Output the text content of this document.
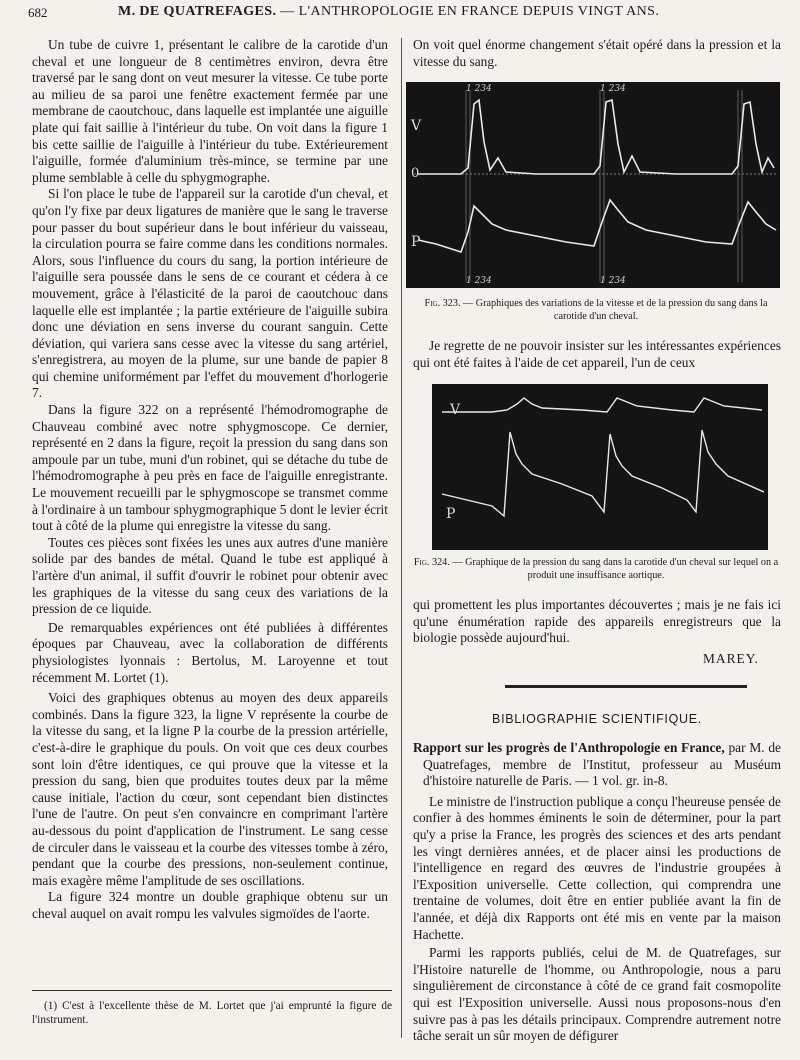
682	M. DE QUATREFAGES. — L'ANTHROPOLOGIE EN FRANCE DEPUIS VINGT ANS.

Un tube de cuivre 1, présentant le calibre de la carotide d'un cheval et une longueur de 8 centimètres environ, devra être traversé par le sang dont on veut mesurer la vitesse. Ce tube porte au milieu de sa paroi une fenêtre exactement fermée par une membrane de caoutchouc, dans laquelle est implantée une aiguille plate qui fait saillie à l'intérieur du tube. On voit dans la figure 1 bis cette saillie de l'aiguille à l'intérieur du tube. Extérieurement l'aiguille, formée d'aluminium très-mince, se termine par une plume semblable à celle du sphygmographe.

Si l'on place le tube de l'appareil sur la carotide d'un cheval, et qu'on l'y fixe par deux ligatures de manière que le sang le traverse pour passer du bout supérieur dans le bout inférieur du vaisseau, la circulation pourra se faire comme dans les conditions normales. Alors, sous l'influence du cours du sang, la portion intérieure de l'aiguille sera poussée dans le sens de ce courant et cédera à ce mouvement, grâce à l'élasticité de la paroi de caoutchouc dans laquelle elle est implantée ; la partie extérieure de l'aiguille subira donc une déviation en sens inverse du courant sanguin. Cette déviation, qui variera sans cesse avec la vitesse du sang artériel, s'enregistrera, au moyen de la plume, sur une bande de papier 8 qui chemine uniformément par l'effet du mouvement d'horlogerie 7.

Dans la figure 322 on a représenté l'hémodromographe de Chauveau combiné avec notre sphygmoscope. Ce dernier, représenté en 2 dans la figure, reçoit la pression du sang dans son ampoule par un tube, muni d'un robinet, qui se détache du tube de l'hémodromographe à peu près en face de l'aiguille enregistrante. Le mouvement recueilli par le sphygmoscope se transmet comme à l'ordinaire à un tambour sphygmographique 5 dont le levier écrit tout à côté de la plume qui enregistre la vitesse du sang.

Toutes ces pièces sont fixées les unes aux autres d'une manière solide par des bandes de métal. Quand le tube est appliqué à l'artère d'un animal, il suffit d'ouvrir le robinet pour obtenir avec les graphiques de la vitesse du sang ceux des variations de la pression de ce liquide.

De remarquables expériences ont été publiées à différentes époques par Chauveau, avec la collaboration de différents physiologistes lyonnais : Bertolus, M. Laroyenne et tout récemment M. Lortet (1).

Voici des graphiques obtenus au moyen des deux appareils combinés. Dans la figure 323, la ligne V représente la courbe de la vitesse du sang, et la ligne P la courbe de la pression artérielle, c'est-à-dire le graphique du pouls. On voit que ces deux courbes sont loin d'être identiques, ce qui prouve que la vitesse et la pression du sang, bien que produites toutes deux par la même cause initiale, l'action du cœur, sont cependant bien distinctes l'une de l'autre. On peut s'en convaincre en comprimant l'artère au-dessous du point d'application de l'instrument. Le sang cesse de circuler dans le vaisseau et la courbe des vitesses tombe à zéro, pendant que la courbe des pressions, non-seulement continue, mais exagère même l'amplitude de ses oscillations.

La figure 324 montre un double graphique obtenu sur un cheval auquel on avait rompu les valvules sigmoïdes de l'aorte.

(1) C'est à l'excellente thèse de M. Lortet que j'ai emprunté la figure de l'instrument.

On voit quel énorme changement s'était opéré dans la pression et la vitesse du sang.

1 234	1 234
1 234	1 234
V
0
P
Fig. 323. — Graphiques des variations de la vitesse et de la pression du sang dans la carotide d'un cheval.

Je regrette de ne pouvoir insister sur les intéressantes expériences qui ont été faites à l'aide de cet appareil, l'un de ceux

V
P
Fig. 324. — Graphique de la pression du sang dans la carotide d'un cheval sur lequel on a produit une insuffisance aortique.

qui promettent les plus importantes découvertes ; mais je ne fais ici qu'une énumération rapide des appareils enregistreurs que la biologie possède aujourd'hui.

MAREY.
BIBLIOGRAPHIE SCIENTIFIQUE.

Rapport sur les progrès de l'Anthropologie en France, par M. de Quatrefages, membre de l'Institut, professeur au Muséum d'histoire naturelle de Paris. — 1 vol. gr. in-8.

Le ministre de l'instruction publique a conçu l'heureuse pensée de confier à des hommes éminents le soin de déterminer, pour la part qu'y a prise la France, les progrès des sciences et des arts pendant les vingt dernières années, et de placer ainsi les productions de l'intelligence en regard des œuvres de l'industrie groupées à l'Exposition universelle. Cette collection, qui comprendra une trentaine de volumes, doit être en entier publiée avant la fin de l'année, et déjà dix Rapports ont été mis en vente par la maison Hachette.

Parmi les rapports publiés, celui de M. de Quatrefages, sur l'Histoire naturelle de l'homme, ou Anthropologie, nous a paru singulièrement de circonstance à côté de ce grand fait cosmopolite qui est l'Exposition universelle. Aussi nous proposons-nous d'en suivre pas à pas les détails principaux. Comprendre autrement notre tâche serait un sûr moyen de défigurer
